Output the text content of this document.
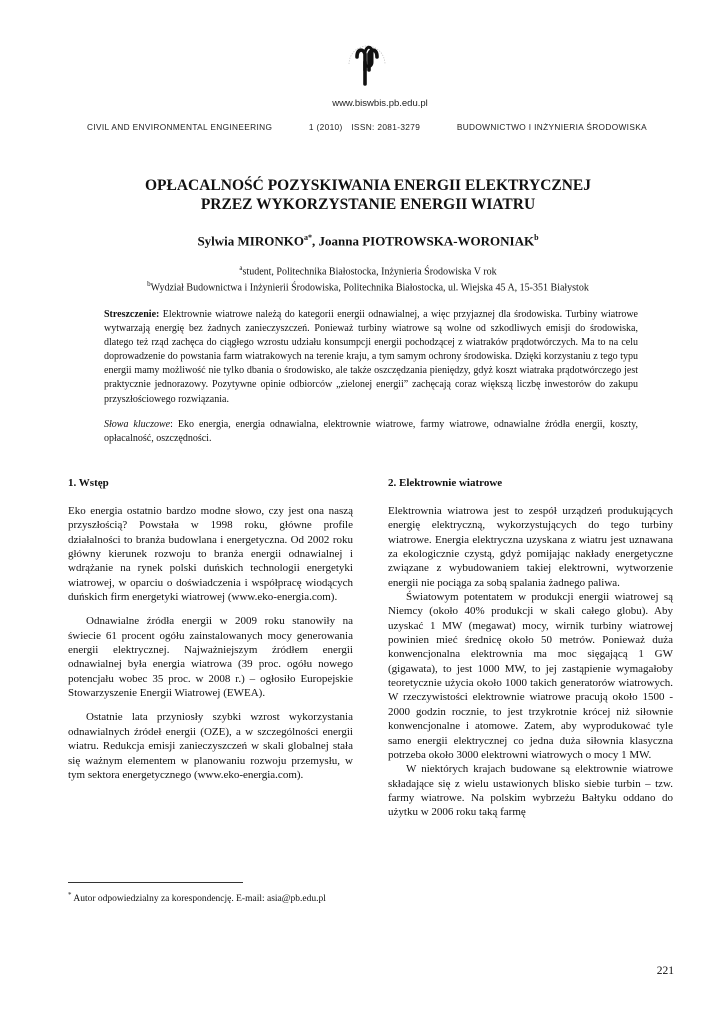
www.biswbis.pb.edu.pl
CIVIL AND ENVIRONMENTAL ENGINEERING	1 (2010) ISSN: 2081-3279	BUDOWNICTWO I INŻYNIERIA ŚRODOWISKA
OPŁACALNOŚĆ POZYSKIWANIA ENERGII ELEKTRYCZNEJ
PRZEZ WYKORZYSTANIE ENERGII WIATRU
Sylwia $MIRONKO^{a*}$, Joanna PIOTROWSKA-WORONIAK$^b$
$^a$student, Politechnika Białostocka, Inżynieria Środowiska V rok
$^b$Wydział Budownictwa i Inżynierii Środowiska, Politechnika Białostocka, ul. Wiejska 45 A, 15-351 Białystok
Streszczenie: Elektrownie wiatrowe należą do kategorii energii odnawialnej, a więc przyjaznej dla środowiska. Turbiny wiatrowe wytwarzają energię bez żadnych zanieczyszczeń. Ponieważ turbiny wiatrowe są wolne od szkodliwych emisji do środowiska, dlatego też rząd zachęca do ciągłego wzrostu udziału konsumpcji energii pochodzącej z wiatraków prądotwórczych. Ma to na celu doprowadzenie do powstania farm wiatrakowych na terenie kraju, a tym samym ochrony środowiska. Dzięki korzystaniu z tego typu energii mamy możliwość nie tylko dbania o środowisko, ale także oszczędzania pieniędzy, gdyż koszt wiatraka prądotwórczego jest praktycznie jednorazowy. Pozytywne opinie odbiorców „zielonej energii” zachęcają coraz większą liczbę inwestorów do zakupu przyszłościowego rozwiązania.
Słowa kluczowe: Eko energia, energia odnawialna, elektrownie wiatrowe, farmy wiatrowe, odnawialne źródła energii, koszty, opłacalność, oszczędności.
1. Wstęp

Eko energia ostatnio bardzo modne słowo, czy jest ona naszą przyszłością? Powstała w 1998 roku, główne profile działalności to branża budowlana i energetyczna. Od 2002 roku główny kierunek rozwoju to branża energii odnawialnej i wdrążanie na rynek polski duńskich technologii energetyki wiatrowej, w oparciu o doświadczenia i współpracę wiodących duńskich firm energetyki wiatrowej (www.eko-energia.com).

Odnawialne źródła energii w 2009 roku stanowiły na świecie 61 procent ogółu zainstalowanych mocy generowania energii elektrycznej. Najważniejszym źródłem energii odnawialnej była energia wiatrowa (39 proc. ogółu nowego potencjału wobec 35 proc. w 2008 r.) – ogłosiło Europejskie Stowarzyszenie Energii Wiatrowej (EWEA).

Ostatnie lata przyniosły szybki wzrost wykorzystania odnawialnych źródeł energii (OZE), a w szczególności energii wiatru. Redukcja emisji zanieczyszczeń w skali globalnej stała się ważnym elementem w planowaniu rozwoju przemysłu, w tym sektora energetycznego (www.eko-energia.com).

2. Elektrownie wiatrowe

Elektrownia wiatrowa jest to zespół urządzeń produkujących energię elektryczną, wykorzystujących do tego turbiny wiatrowe. Energia elektryczna uzyskana z wiatru jest uznawana za ekologicznie czystą, gdyż pomijając nakłady energetyczne związane z wybudowaniem takiej elektrowni, wytworzenie energii nie pociąga za sobą spalania żadnego paliwa.

Światowym potentatem w produkcji energii wiatrowej są Niemcy (około 40% produkcji w skali całego globu). Aby uzyskać 1 MW (megawat) mocy, wirnik turbiny wiatrowej powinien mieć średnicę około 50 metrów. Ponieważ duża konwencjonalna elektrownia ma moc sięgającą 1 GW (gigawata), to jest 1000 MW, to jej zastąpienie wymagałoby teoretycznie użycia około 1000 takich generatorów wiatrowych. W rzeczywistości elektrownie wiatrowe pracują około 1500 - 2000 godzin rocznie, to jest trzykrotnie krócej niż siłownie konwencjonalne i atomowe. Zatem, aby wyprodukować tyle samo energii elektrycznej co jedna duża siłownia klasyczna potrzeba około 3000 elektrowni wiatrowych o mocy 1 MW.

W niektórych krajach budowane są elektrownie wiatrowe składające się z wielu ustawionych blisko siebie turbin – tzw. farmy wiatrowe. Na polskim wybrzeżu Bałtyku oddano do użytku w 2006 roku taką farmę

* Autor odpowiedzialny za korespondencję. E-mail: asia@pb.edu.pl
221
